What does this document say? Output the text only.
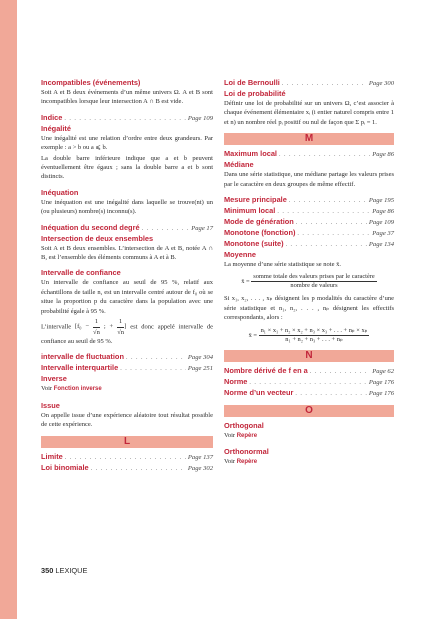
Incompatibles (événements)

Soit A et B deux événements d’un même univers Ω. A et B sont incompatibles lorsque leur intersection A ∩ B est vide.

Indice . . .	Page 109
Inégalité

Une inégalité est une relation d’ordre entre deux grandeurs. Par exemple : a > b ou a ⩽ b.

La double barre inférieure indique que a et b peuvent éventuellement être égaux ; sans la double barre a et b sont distincts.

Inéquation

Une inéquation est une inégalité dans laquelle se trouve(nt) un (ou plusieurs) nombre(s) inconnu(s).

Inéquation du second degré . . .	Page 17
Intersection de deux ensembles

Soit A et B deux ensembles. L’intersection de A et B, notée A ∩ B, est l’ensemble des éléments communs à A et à B.

Intervalle de confiance

Un intervalle de confiance au seuil de 95 %, relatif aux échantillons de taille n, est un intervalle centré autour de f₀ où se situe la proportion p du caractère dans la population avec une probabilité égale à 95 %.

L’intervalle [$f_0 - \frac{1}{√n}$ ; + $\frac{1}{√n}$ ] est donc appelé intervalle de confiance au seuil de 95 %.

intervalle de fluctuation . . .	Page 304
Intervalle interquartile . . .	Page 251
Inverse

Voir Fonction inverse

Issue

On appelle issue d’une expérience aléatoire tout résultat possible de cette expérience.

L
Limite . . .	Page 137
Loi binomiale . . .	Page 302
Loi de Bernoulli . . .	Page 300
Loi de probabilité

Définir une loi de probabilité sur un univers Ω, c’est associer à chaque événement élémentaire xᵢ (i entier naturel compris entre 1 et n) un nombre réel pᵢ positif ou nul de façon que Σ pᵢ = 1.

M
Maximum local . . .	Page 86
Médiane

Dans une série statistique, une médiane partage les valeurs prises par le caractère en deux groupes de même effectif.

Mesure principale . . .	Page 195
Minimum local . . .	Page 86
Mode de génération . . .	Page 109
Monotone (fonction) . . .	Page 37
Monotone (suite) . . .	Page 134
Moyenne

La moyenne d’une série statistique se note x̄.

x̄ = $\frac{\text{somme totale des valeurs prises par le caractère}}{\text{nombre de valeurs}}$

Si x₁, x₂, . . . , xₚ désignent les p modalités du caractère d’une série statistique et n₁, n₂, . . . , nₚ désignent les effectifs correspondants, alors :

x̄ = $\frac{\text{n₁ × x₁ + n₂ × x₂ + n₃ × x₃ + . . . + nₚ × xₚ}}{\text{n₁ + n₂ + n₃ + . . . + nₚ}}$
N
Nombre dérivé de f en a . . .	Page 62
Norme . . .	Page 176
Norme d’un vecteur . . .	Page 176
O
Orthogonal

Voir Repère

Orthonormal

Voir Repère

350 LEXIQUE
